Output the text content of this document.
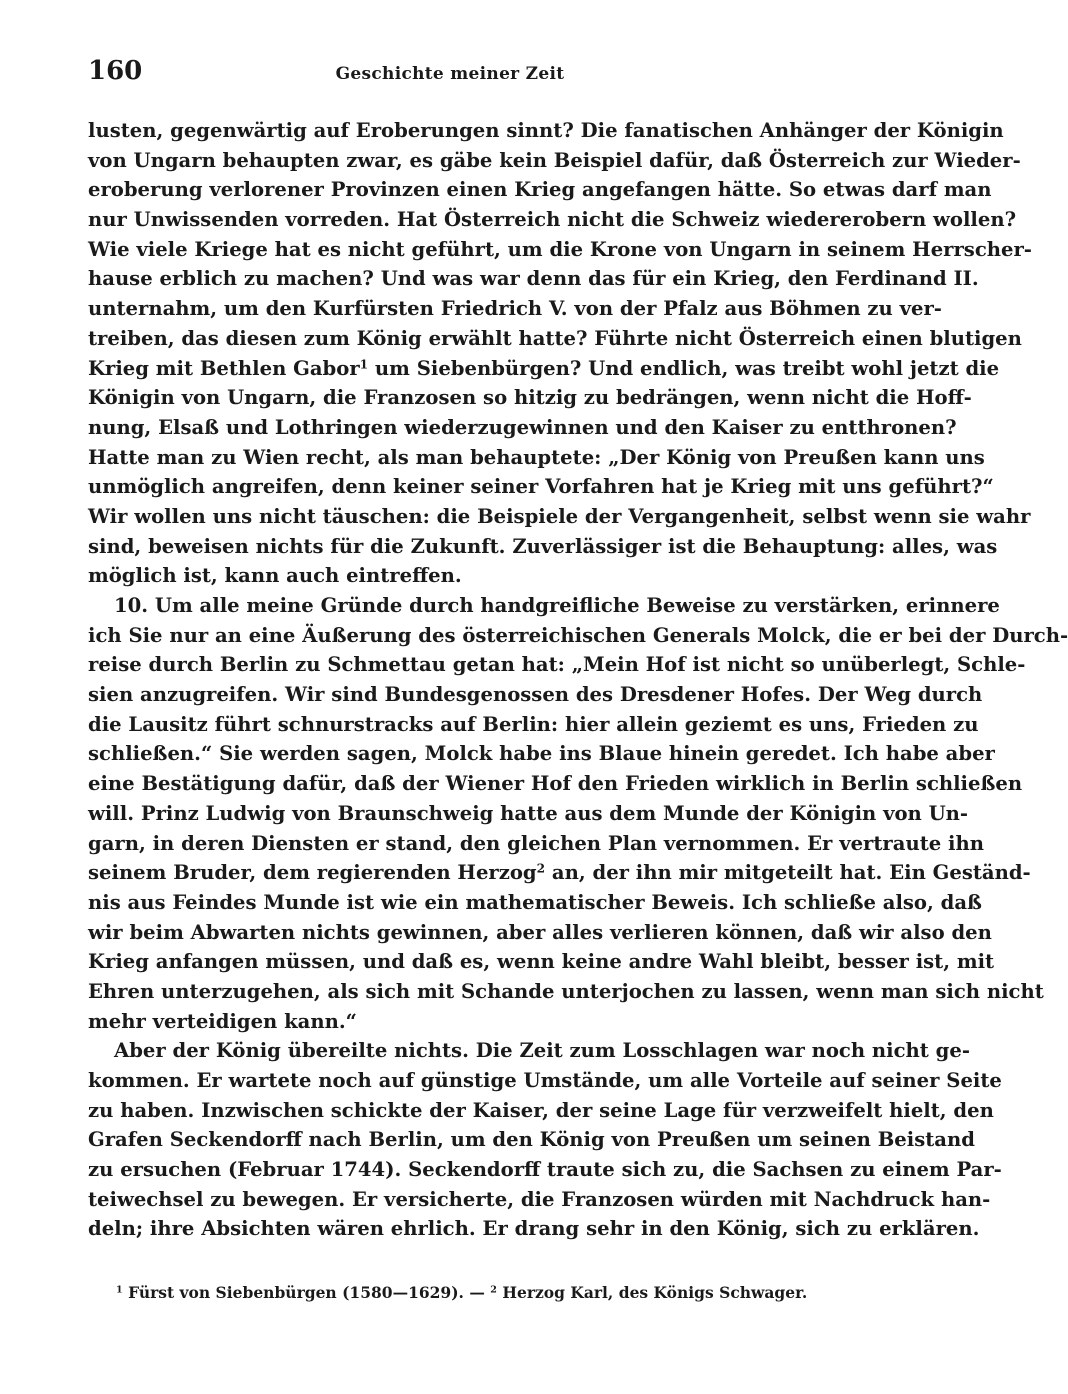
160	Geschichte meiner Zeit
lusten, gegenwärtig auf Eroberungen sinnt? Die fanatischen Anhänger der Königin
von Ungarn behaupten zwar, es gäbe kein Beispiel dafür, daß Österreich zur Wieder-
eroberung verlorener Provinzen einen Krieg angefangen hätte. So etwas darf man
nur Unwissenden vorreden. Hat Österreich nicht die Schweiz wiedererobern wollen?
Wie viele Kriege hat es nicht geführt, um die Krone von Ungarn in seinem Herrscher-
hause erblich zu machen? Und was war denn das für ein Krieg, den Ferdinand II.
unternahm, um den Kurfürsten Friedrich V. von der Pfalz aus Böhmen zu ver-
treiben, das diesen zum König erwählt hatte? Führte nicht Österreich einen blutigen
Krieg mit Bethlen Gabor$^1$ um Siebenbürgen? Und endlich, was treibt wohl jetzt die
Königin von Ungarn, die Franzosen so hitzig zu bedrängen, wenn nicht die Hoff-
nung, Elsaß und Lothringen wiederzugewinnen und den Kaiser zu entthronen?
Hatte man zu Wien recht, als man behauptete: „Der König von Preußen kann uns
unmöglich angreifen, denn keiner seiner Vorfahren hat je Krieg mit uns geführt?“
Wir wollen uns nicht täuschen: die Beispiele der Vergangenheit, selbst wenn sie wahr
sind, beweisen nichts für die Zukunft. Zuverlässiger ist die Behauptung: alles, was
möglich ist, kann auch eintreffen.
10. Um alle meine Gründe durch handgreifliche Beweise zu verstärken, erinnere
ich Sie nur an eine Äußerung des österreichischen Generals Molck, die er bei der Durch-
reise durch Berlin zu Schmettau getan hat: „Mein Hof ist nicht so unüberlegt, Schle-
sien anzugreifen. Wir sind Bundesgenossen des Dresdener Hofes. Der Weg durch
die Lausitz führt schnurstracks auf Berlin: hier allein geziemt es uns, Frieden zu
schließen.“ Sie werden sagen, Molck habe ins Blaue hinein geredet. Ich habe aber
eine Bestätigung dafür, daß der Wiener Hof den Frieden wirklich in Berlin schließen
will. Prinz Ludwig von Braunschweig hatte aus dem Munde der Königin von Un-
garn, in deren Diensten er stand, den gleichen Plan vernommen. Er vertraute ihn
seinem Bruder, dem regierenden Herzog$^2$ an, der ihn mir mitgeteilt hat. Ein Geständ-
nis aus Feindes Munde ist wie ein mathematischer Beweis. Ich schließe also, daß
wir beim Abwarten nichts gewinnen, aber alles verlieren können, daß wir also den
Krieg anfangen müssen, und daß es, wenn keine andre Wahl bleibt, besser ist, mit
Ehren unterzugehen, als sich mit Schande unterjochen zu lassen, wenn man sich nicht
mehr verteidigen kann.“
Aber der König übereilte nichts. Die Zeit zum Losschlagen war noch nicht ge-
kommen. Er wartete noch auf günstige Umstände, um alle Vorteile auf seiner Seite
zu haben. Inzwischen schickte der Kaiser, der seine Lage für verzweifelt hielt, den
Grafen Seckendorff nach Berlin, um den König von Preußen um seinen Beistand
zu ersuchen (Februar 1744). Seckendorff traute sich zu, die Sachsen zu einem Par-
teiwechsel zu bewegen. Er versicherte, die Franzosen würden mit Nachdruck han-
deln; ihre Absichten wären ehrlich. Er drang sehr in den König, sich zu erklären.
$^1$ Fürst von Siebenbürgen (1580—1629). — $^2$ Herzog Karl, des Königs Schwager.
